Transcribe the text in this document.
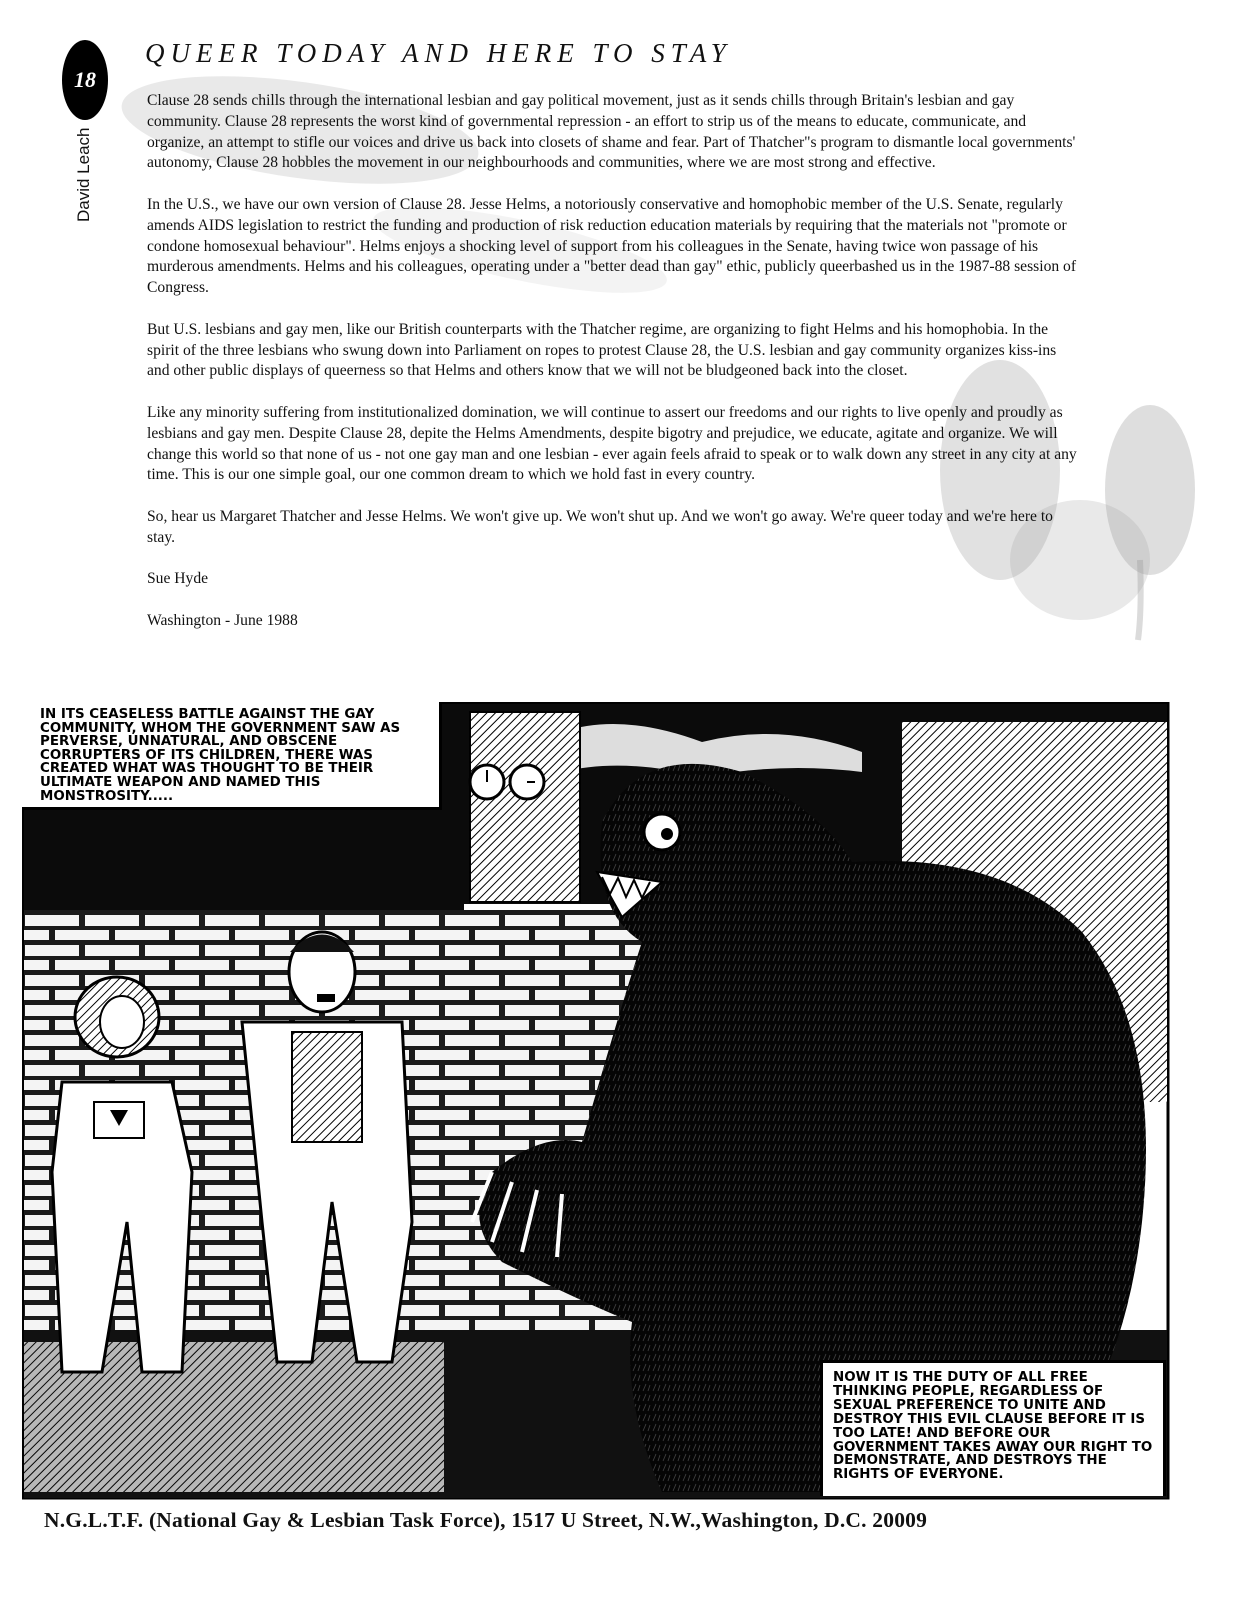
18
David Leach
QUEER TODAY AND HERE TO STAY

Clause 28 sends chills through the international lesbian and gay political movement, just as it sends chills through Britain's lesbian and gay community. Clause 28 represents the worst kind of governmental repression - an effort to strip us of the means to educate, communicate, and organize, an attempt to stifle our voices and drive us back into closets of shame and fear. Part of Thatcher"s program to dismantle local governments' autonomy, Clause 28 hobbles the movement in our neighbourhoods and communities, where we are most strong and effective.

In the U.S., we have our own version of Clause 28. Jesse Helms, a notoriously conservative and homophobic member of the U.S. Senate, regularly amends AIDS legislation to restrict the funding and production of risk reduction education materials by requiring that the materials not "promote or condone homosexual behaviour". Helms enjoys a shocking level of support from his colleagues in the Senate, having twice won passage of his murderous amendments. Helms and his colleagues, operating under a "better dead than gay" ethic, publicly queerbashed us in the 1987-88 session of Congress.

But U.S. lesbians and gay men, like our British counterparts with the Thatcher regime, are organizing to fight Helms and his homophobia. In the spirit of the three lesbians who swung down into Parliament on ropes to protest Clause 28, the U.S. lesbian and gay community organizes kiss-ins and other public displays of queerness so that Helms and others know that we will not be bludgeoned back into the closet.

Like any minority suffering from institutionalized domination, we will continue to assert our freedoms and our rights to live openly and proudly as lesbians and gay men. Despite Clause 28, depite the Helms Amendments, despite bigotry and prejudice, we educate, agitate and organize. We will change this world so that none of us - not one gay man and one lesbian - ever again feels afraid to speak or to walk down any street in any city at any time. This is our one simple goal, our one common dream to which we hold fast in every country.

So, hear us Margaret Thatcher and Jesse Helms. We won't give up. We won't shut up. And we won't go away. We're queer today and we're here to stay.

Sue Hyde

Washington - June 1988

IN ITS CEASELESS BATTLE AGAINST THE GAY COMMUNITY, WHOM THE GOVERNMENT SAW AS PERVERSE, UNNATURAL, AND OBSCENE CORRUPTERS OF ITS CHILDREN, THERE WAS CREATED WHAT WAS THOUGHT TO BE THEIR ULTIMATE WEAPON AND NAMED THIS MONSTROSITY.....
NOW IT IS THE DUTY OF ALL FREE THINKING PEOPLE, REGARDLESS OF SEXUAL PREFERENCE TO UNITE AND DESTROY THIS EVIL CLAUSE BEFORE IT IS TOO LATE! AND BEFORE OUR GOVERNMENT TAKES AWAY OUR RIGHT TO DEMONSTRATE, AND DESTROYS THE RIGHTS OF EVERYONE.

N.G.L.T.F. (National Gay & Lesbian Task Force), 1517 U Street, N.W.,Washington, D.C. 20009
